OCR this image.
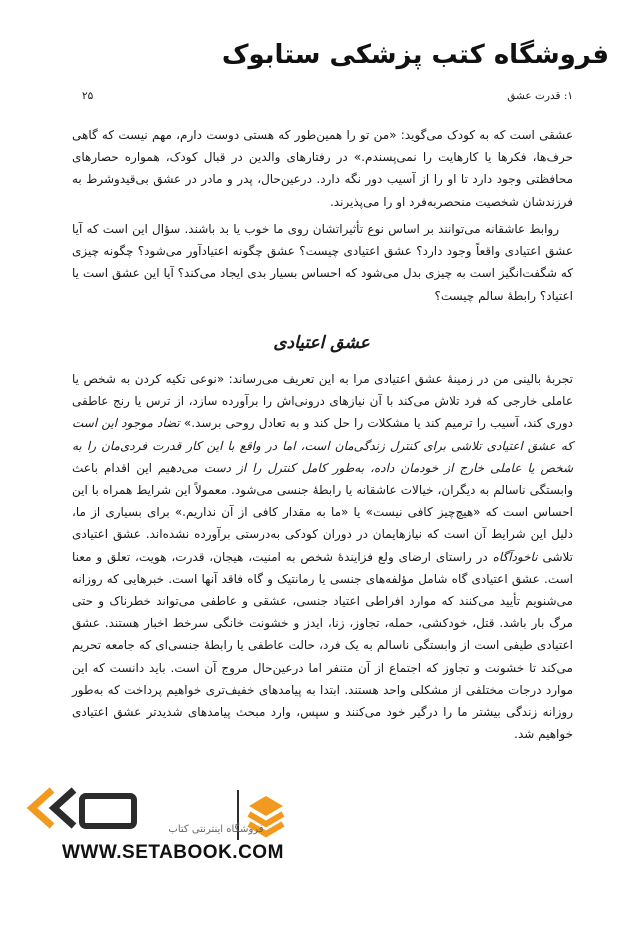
فروشگاه کتب پزشکی ستابوک
۱: قدرت عشق
۲۵

عشقی است که به کودک می‌گوید: «من تو را همین‌طور که هستی دوست دارم، مهم نیست که گاهی حرف‌ها، فکرها یا کارهایت را نمی‌پسندم.» در رفتارهای والدین در قبال کودک، همواره حصارهای محافظتی وجود دارد تا او را از آسیب دور نگه دارد. درعین‌حال، پدر و مادر در عشق بی‌قیدوشرط به فرزندشان شخصیت منحصربه‌فرد او را می‌پذیرند.

روابط عاشقانه می‌توانند بر اساس نوع تأثیراتشان روی ما خوب یا بد باشند. سؤال این است که آیا عشق اعتیادی واقعاً وجود دارد؟ عشق اعتیادی چیست؟ عشق چگونه اعتیادآور می‌شود؟ چگونه چیزی که شگفت‌انگیز است به چیزی بدل می‌شود که احساس بسیار بدی ایجاد می‌کند؟ آیا این عشق است یا اعتیاد؟ رابطهٔ سالم چیست؟

عشق اعتیادی

تجربهٔ بالینی من در زمینهٔ عشق اعتیادی مرا به این تعریف می‌رساند: «نوعی تکیه کردن به شخص یا عاملی خارجی که فرد تلاش می‌کند با آن نیازهای درونی‌اش را برآورده سازد، از ترس یا رنج عاطفی دوری کند، آسیب را ترمیم کند یا مشکلات را حل کند و به تعادل روحی برسد.» تضاد موجود این است که عشق اعتیادی تلاشی برای کنترل زندگی‌مان است، اما در واقع با این کار قدرت فردی‌مان را به شخص یا عاملی خارج از خودمان داده، به‌طور کامل کنترل را از دست می‌دهیم این اقدام باعث وابستگی ناسالم به دیگران، خیالات عاشقانه یا رابطهٔ جنسی می‌شود. معمولاً این شرایط همراه با این احساس است که «هیچ‌چیز کافی نیست» یا «ما به مقدار کافی از آن نداریم.» برای بسیاری از ما، دلیل این شرایط آن است که نیازهایمان در دوران کودکی به‌درستی برآورده نشده‌اند. عشق اعتیادی تلاشی ناخودآگاه در راستای ارضای ولع فزایندهٔ شخص به امنیت، هیجان، قدرت، هویت، تعلق و معنا است. عشق اعتیادی گاه شامل مؤلفه‌های جنسی یا رمانتیک و گاه فاقد آنها است. خبرهایی که روزانه می‌شنویم تأیید می‌کنند که موارد افراطی اعتیاد جنسی، عشقی و عاطفی می‌تواند خطرناک و حتی مرگ بار باشد. قتل، خودکشی، حمله، تجاوز، زنا، ایدز و خشونت خانگی سرخط اخبار هستند. عشق اعتیادی طیفی است از وابستگی ناسالم به یک فرد، حالت عاطفی یا رابطهٔ جنسی‌ای که جامعه تحریم می‌کند تا خشونت و تجاوز که اجتماع از آن متنفر اما درعین‌حال مروج آن است. باید دانست که این موارد درجات مختلفی از مشکلی واحد هستند. ابتدا به پیامدهای خفیف‌تری خواهیم پرداخت که به‌طور روزانه زندگی بیشتر ما را درگیر خود می‌کنند و سپس، وارد مبحث پیامدهای شدیدتر عشق اعتیادی خواهیم شد.

فروشگاه اینترنتی کتاب

WWW.SETABOOK.COM
